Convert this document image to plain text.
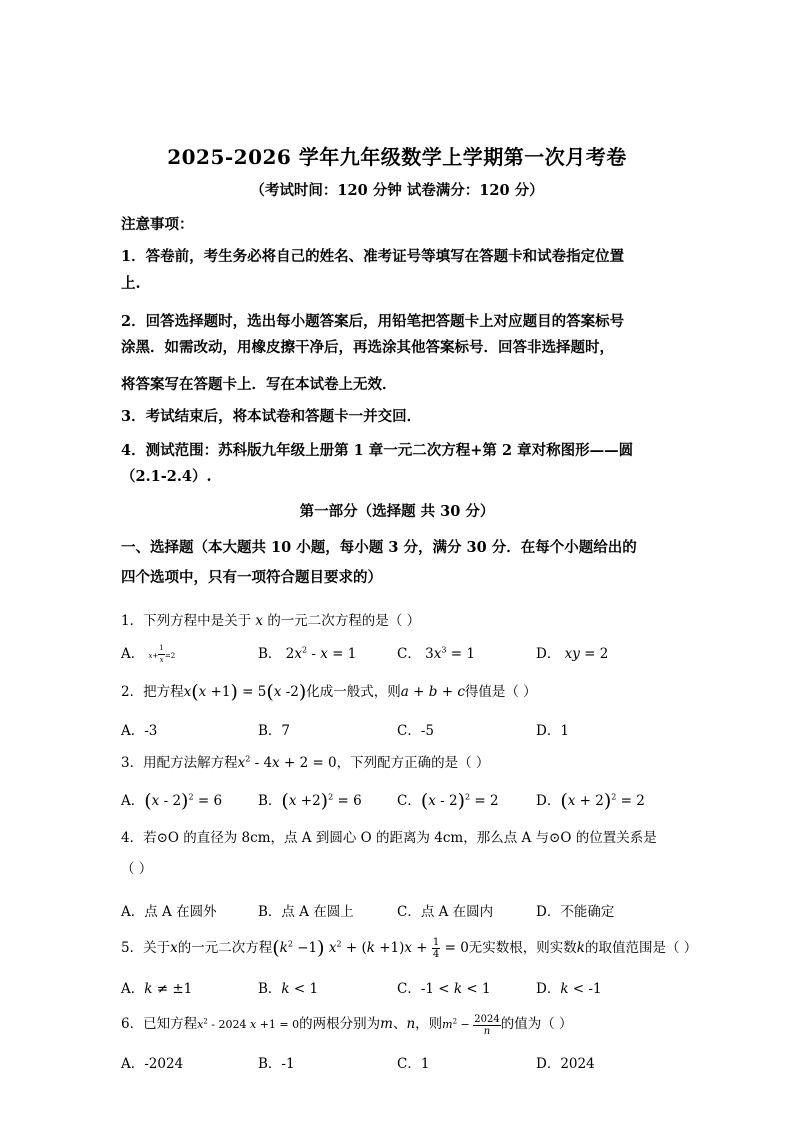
2025-2026 学年九年级数学上学期第一次月考卷
（考试时间：120 分钟 试卷满分：120 分）
注意事项：
1．答卷前，考生务必将自己的姓名、准考证号等填写在答题卡和试卷指定位置
上.
2．回答选择题时，选出每小题答案后，用铅笔把答题卡上对应题目的答案标号
涂黑．如需改动，用橡皮擦干净后，再选涂其他答案标号．回答非选择题时，
将答案写在答题卡上．写在本试卷上无效．
3．考试结束后，将本试卷和答题卡一并交回．
4．测试范围：苏科版九年级上册第 1 章一元二次方程+第 2 章对称图形——圆
（2.1-2.4）.
第一部分（选择题 共 30 分）
一、选择题（本大题共 10 小题，每小题 3 分，满分 30 分．在每个小题给出的
四个选项中，只有一项符合题目要求的）
1．下列方程中是关于 x 的一元二次方程的是（ ）
A． $x+ \frac{1}{x} =2$	B． $2x^2 - x = 1$	C． $3x^3 = 1$	D． xy = 2
2．把方程x(x +1) = 5(x -2)化成一般式，则a + b + c得值是（ ）
A．-3	B．7	C．-5	D．1
3．用配方法解方程$x^2 - 4x + 2 = 0$，下列配方正确的是（ ）
A．(x - 2)$^2$ = 6	B．$(x +2)^2 = 6$	C．(x - 2)$^2$ = 2	D．$(x + 2)^2 = 2$
4．若⊙O 的直径为 8cm，点 A 到圆心 O 的距离为 4cm，那么点 A 与⊙O 的位置关系是
（ ）
A．点 A 在圆外	B．点 A 在圆上	C．点 A 在圆内	D．不能确定
5．关于x的一元二次方程$(k^2 -1) x^2 + (k +1)x + \frac{1}{4} = 0$无实数根，则实数k的取值范围是（ ）
A．k ≠ ±1	B．k < 1	C．-1 < k < 1	D．k < -1
6．已知方程$x^2 - 2024$ x +1 = 0的两根分别为m、n，则$m^2 - \frac{2024}{n}$ 的值为（ ）
A．-2024	B．-1	C．1	D．2024
